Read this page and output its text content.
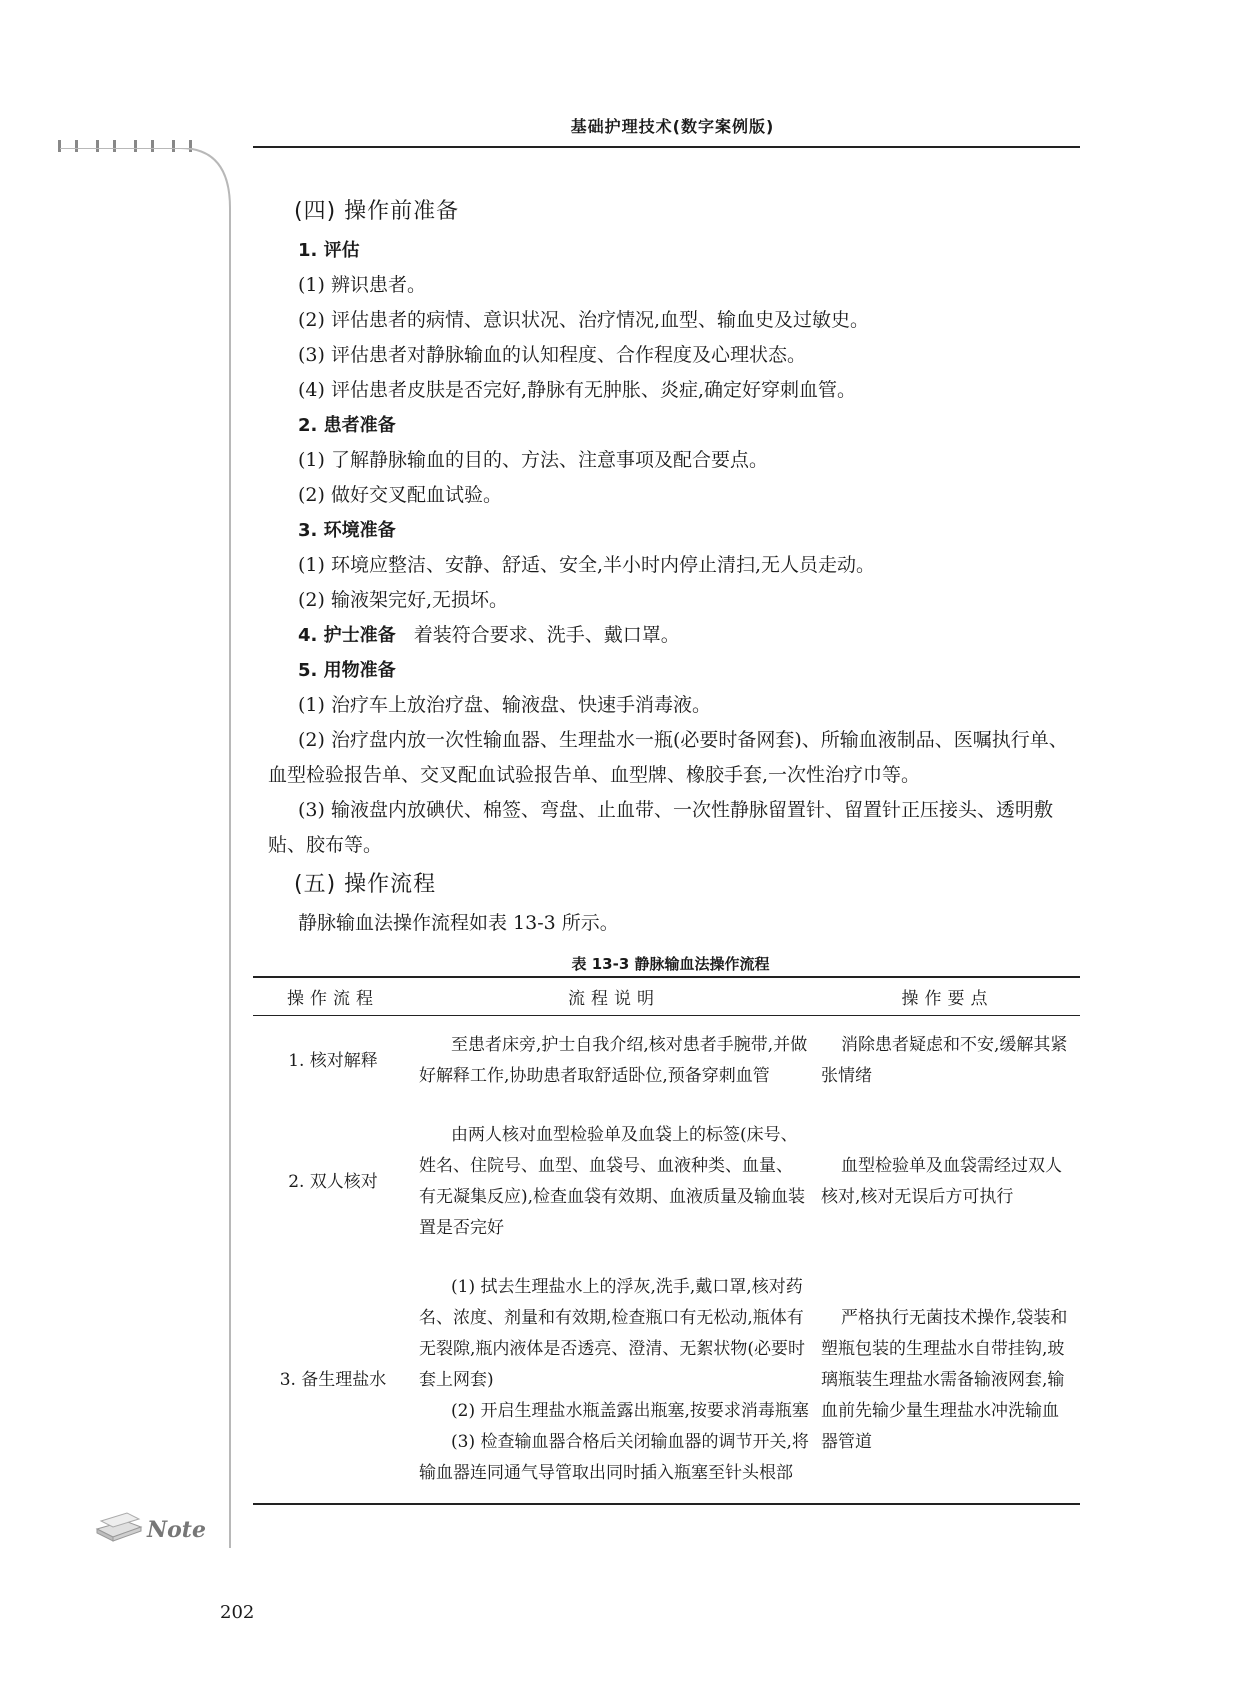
基础护理技术(数字案例版)
(四) 操作前准备
1. 评估

(1) 辨识患者。

(2) 评估患者的病情、意识状况、治疗情况,血型、输血史及过敏史。

(3) 评估患者对静脉输血的认知程度、合作程度及心理状态。

(4) 评估患者皮肤是否完好,静脉有无肿胀、炎症,确定好穿刺血管。

2. 患者准备

(1) 了解静脉输血的目的、方法、注意事项及配合要点。

(2) 做好交叉配血试验。

3. 环境准备

(1) 环境应整洁、安静、舒适、安全,半小时内停止清扫,无人员走动。

(2) 输液架完好,无损坏。

4. 护士准备 着装符合要求、洗手、戴口罩。

5. 用物准备

(1) 治疗车上放治疗盘、输液盘、快速手消毒液。

(2) 治疗盘内放一次性输血器、生理盐水一瓶(必要时备网套)、所输血液制品、医嘱执行单、血型检验报告单、交叉配血试验报告单、血型牌、橡胶手套,一次性治疗巾等。

(3) 输液盘内放碘伏、棉签、弯盘、止血带、一次性静脉留置针、留置针正压接头、透明敷贴、胶布等。

(五) 操作流程

静脉输血法操作流程如表 13-3 所示。

表 13-3 静脉输血法操作流程
操作流程	流程说明	操作要点
1. 核对解释	至患者床旁,护士自我介绍,核对患者手腕带,并做好解释工作,协助患者取舒适卧位,预备穿刺血管	消除患者疑虑和不安,缓解其紧张情绪
2. 双人核对	由两人核对血型检验单及血袋上的标签(床号、姓名、住院号、血型、血袋号、血液种类、血量、有无凝集反应),检查血袋有效期、血液质量及输血装置是否完好	血型检验单及血袋需经过双人核对,核对无误后方可执行
3. 备生理盐水	(1) 拭去生理盐水上的浮灰,洗手,戴口罩,核对药名、浓度、剂量和有效期,检查瓶口有无松动,瓶体有无裂隙,瓶内液体是否透亮、澄清、无絮状物(必要时套上网套)
(2) 开启生理盐水瓶盖露出瓶塞,按要求消毒瓶塞
(3) 检查输血器合格后关闭输血器的调节开关,将输血器连同通气导管取出同时插入瓶塞至针头根部	严格执行无菌技术操作,袋装和塑瓶包装的生理盐水自带挂钩,玻璃瓶装生理盐水需备输液网套,输血前先输少量生理盐水冲洗输血器管道
Note
202
